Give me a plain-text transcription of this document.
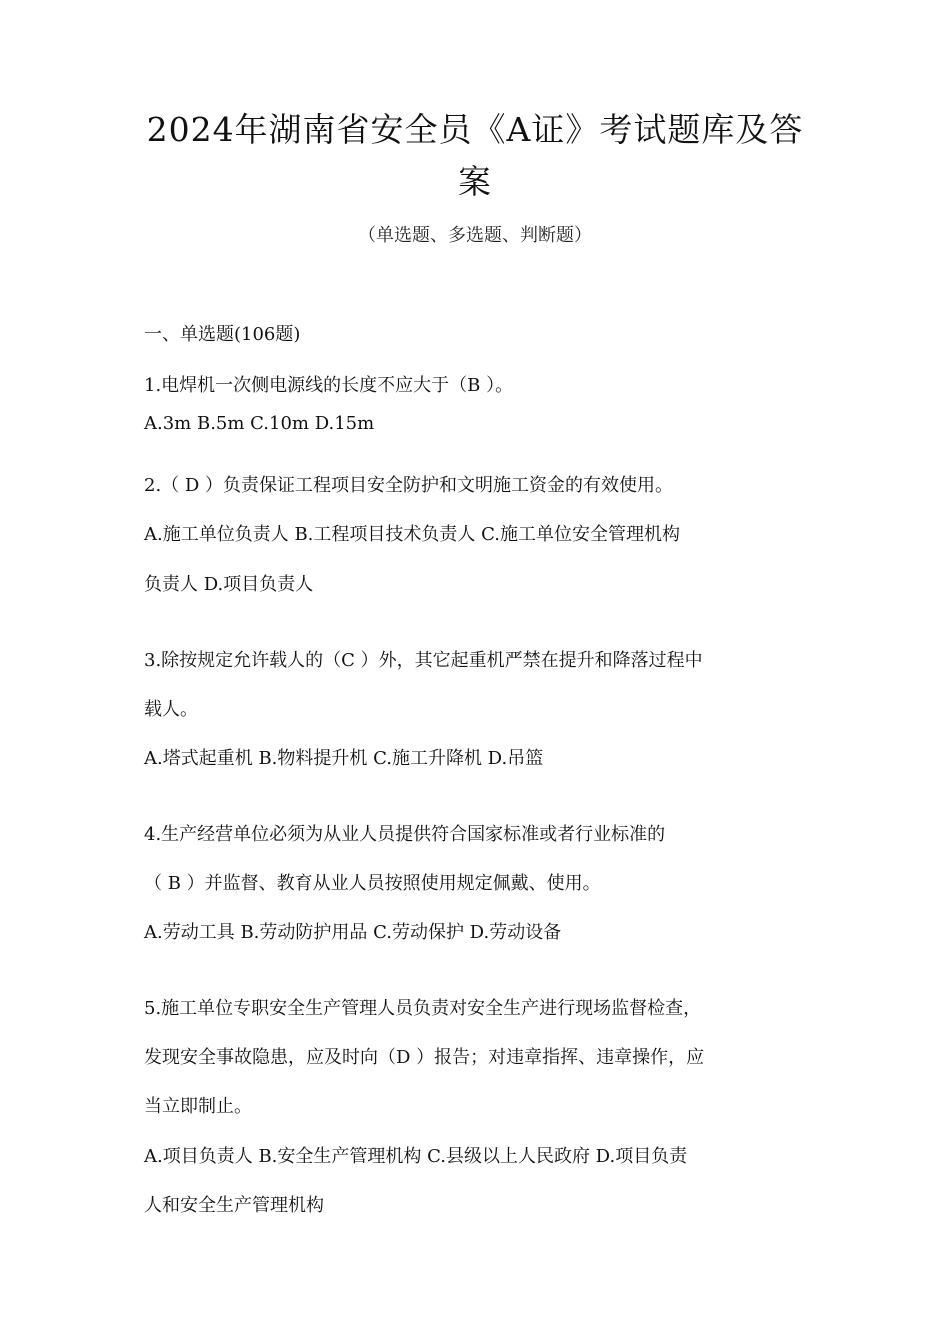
2024年湖南省安全员《A证》考试题库及答
案
（单选题、多选题、判断题）
一、单选题(106题)
1.电焊机一次侧电源线的长度不应大于（B ）。
A.3m B.5m C.10m D.15m
2.（ D ）负责保证工程项目安全防护和文明施工资金的有效使用。
A.施工单位负责人 B.工程项目技术负责人 C.施工单位安全管理机构
负责人 D.项目负责人
3.除按规定允许载人的（C ）外，其它起重机严禁在提升和降落过程中
载人。
A.塔式起重机 B.物料提升机 C.施工升降机 D.吊篮
4.生产经营单位必须为从业人员提供符合国家标准或者行业标准的
（ B ）并监督、教育从业人员按照使用规定佩戴、使用。
A.劳动工具 B.劳动防护用品 C.劳动保护 D.劳动设备
5.施工单位专职安全生产管理人员负责对安全生产进行现场监督检查，
发现安全事故隐患，应及时向（D ）报告；对违章指挥、违章操作，应
当立即制止。
A.项目负责人 B.安全生产管理机构 C.县级以上人民政府 D.项目负责
人和安全生产管理机构
